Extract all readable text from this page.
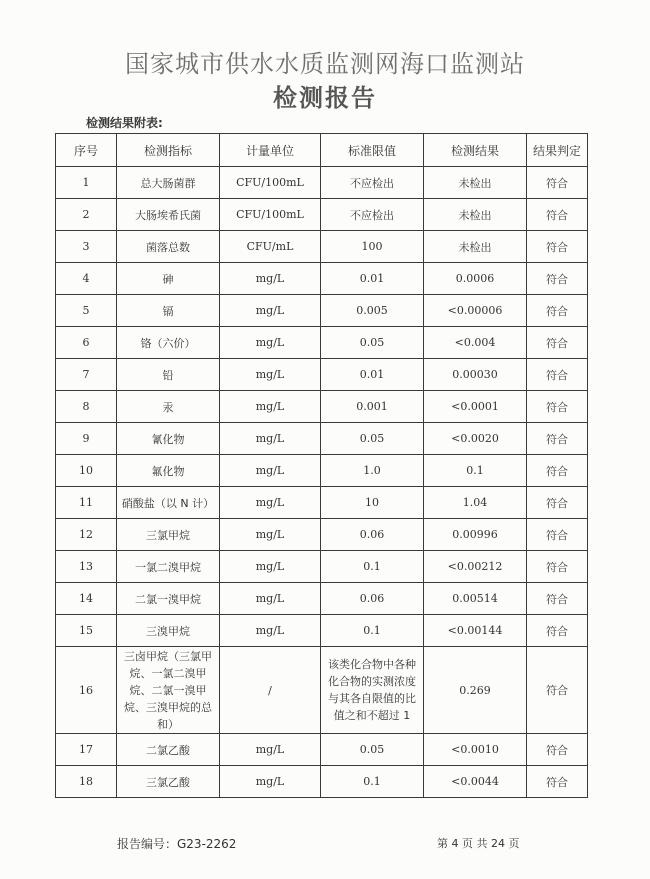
国家城市供水水质监测网海口监测站
检测报告
检测结果附表:
序号	检测指标	计量单位	标准限值	检测结果	结果判定
1	总大肠菌群	CFU/100mL	不应检出	未检出	符合
2	大肠埃希氏菌	CFU/100mL	不应检出	未检出	符合
3	菌落总数	CFU/mL	100	未检出	符合
4	砷	mg/L	0.01	0.0006	符合
5	镉	mg/L	0.005	<0.00006	符合
6	铬（六价）	mg/L	0.05	<0.004	符合
7	铅	mg/L	0.01	0.00030	符合
8	汞	mg/L	0.001	<0.0001	符合
9	氰化物	mg/L	0.05	<0.0020	符合
10	氟化物	mg/L	1.0	0.1	符合
11	硝酸盐（以 N 计）	mg/L	10	1.04	符合
12	三氯甲烷	mg/L	0.06	0.00996	符合
13	一氯二溴甲烷	mg/L	0.1	<0.00212	符合
14	二氯一溴甲烷	mg/L	0.06	0.00514	符合
15	三溴甲烷	mg/L	0.1	<0.00144	符合
16	三卤甲烷（三氯甲烷、一氯二溴甲烷、二氯一溴甲烷、三溴甲烷的总和）	/	该类化合物中各种化合物的实测浓度与其各自限值的比值之和不超过 1	0.269	符合
17	二氯乙酸	mg/L	0.05	<0.0010	符合
18	三氯乙酸	mg/L	0.1	<0.0044	符合
报告编号：G23-2262	第 4 页 共 24 页
